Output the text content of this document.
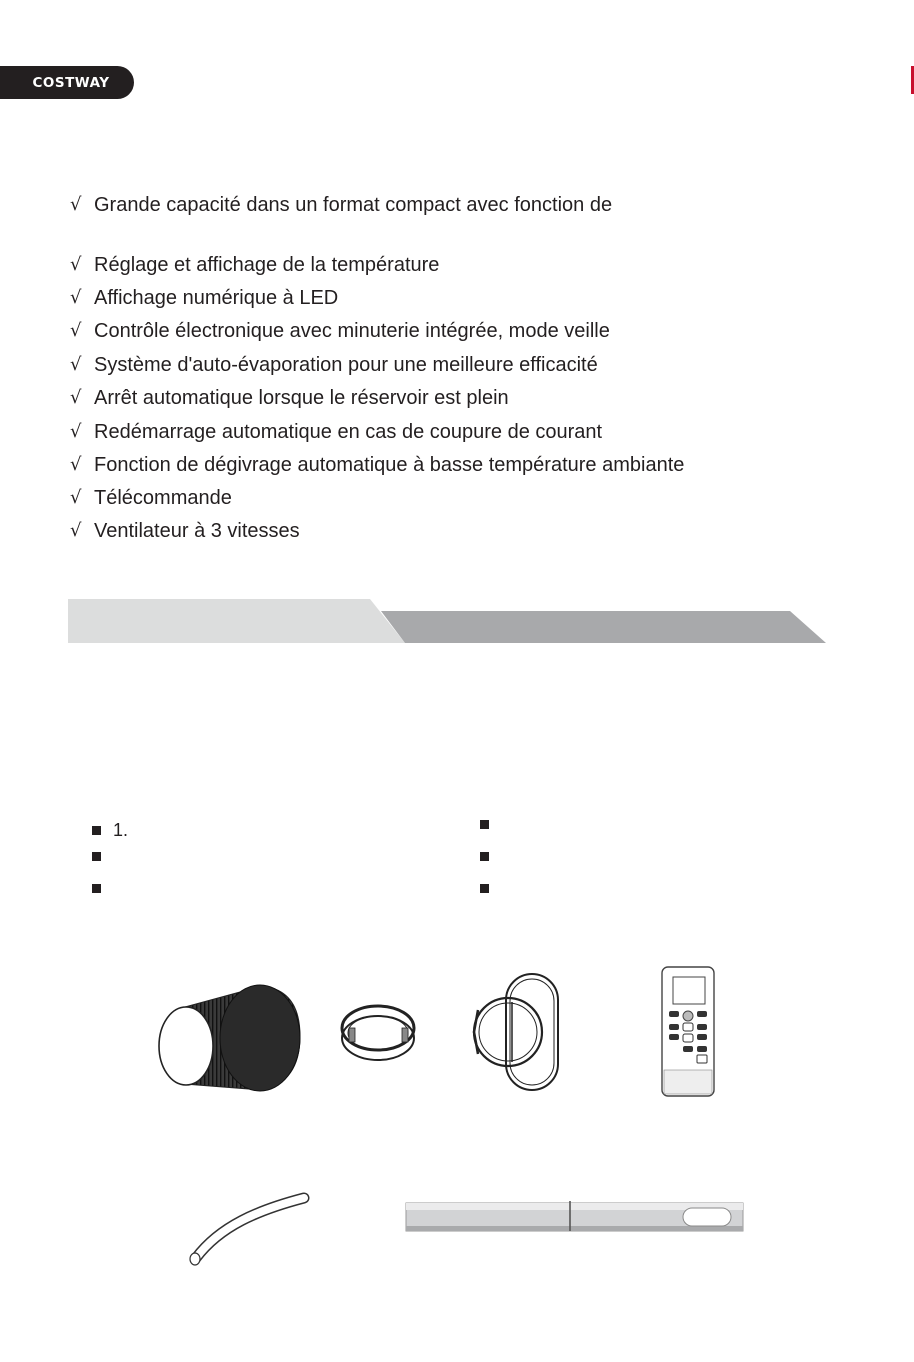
COSTWAY
√ Grande capacité dans un format compact avec fonction de
√ Réglage et affichage de la température
√ Affichage numérique à LED
√ Contrôle électronique avec minuterie intégrée, mode veille
√ Système d'auto-évaporation pour une meilleure efficacité
√ Arrêt automatique lorsque le réservoir est plein
√ Redémarrage automatique en cas de coupure de courant
√ Fonction de dégivrage automatique à basse température ambiante
√ Télécommande
√ Ventilateur à 3 vitesses
1.
